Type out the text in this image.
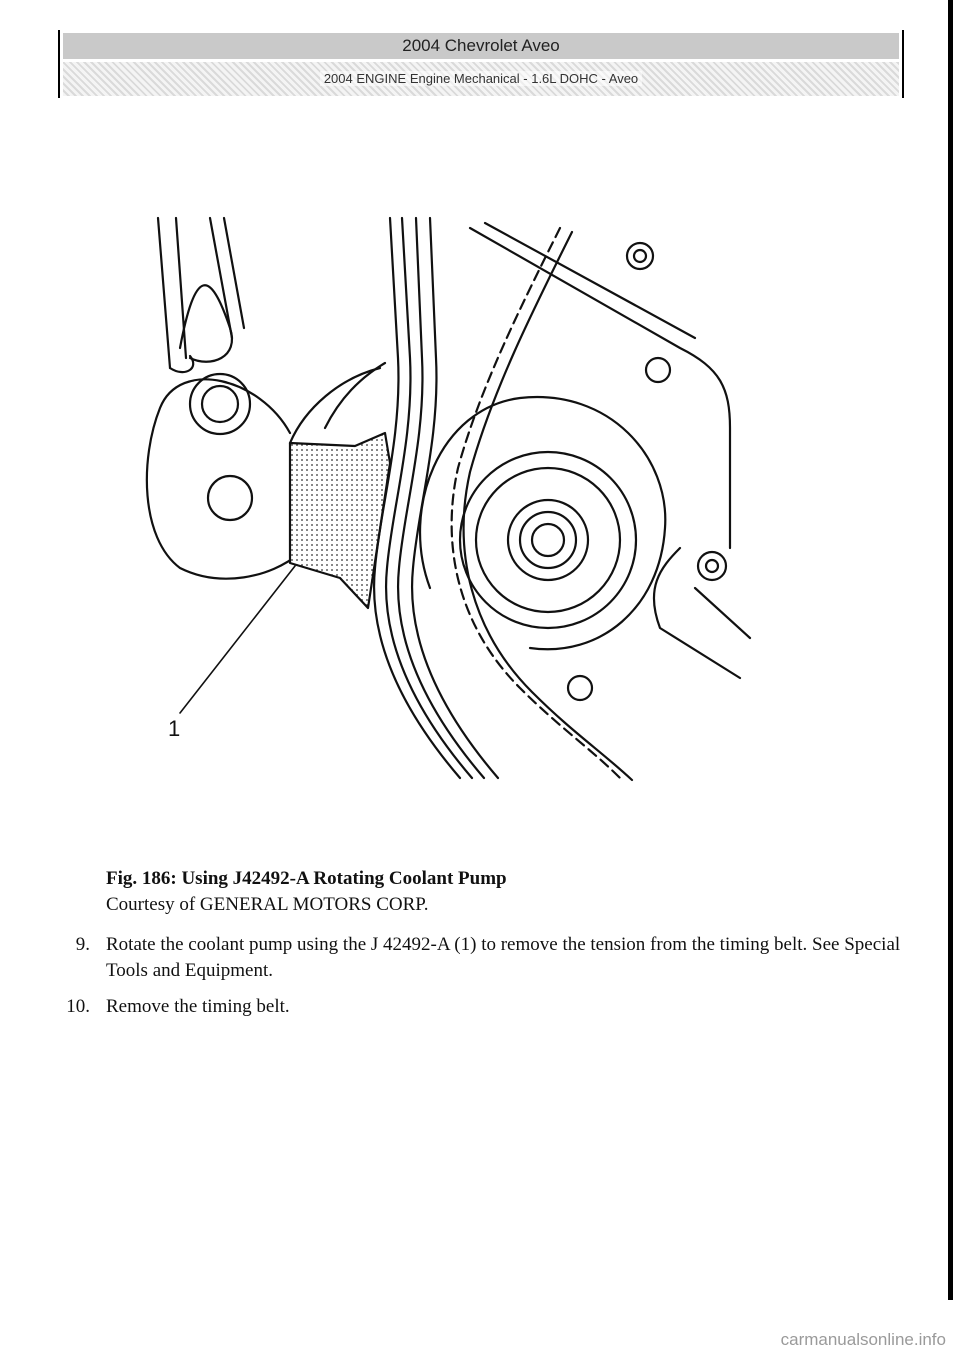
2004 Chevrolet Aveo
2004 ENGINE Engine Mechanical - 1.6L DOHC - Aveo
1
Fig. 186: Using J42492-A Rotating Coolant Pump
Courtesy of GENERAL MOTORS CORP.
9. Rotate the coolant pump using the J 42492-A (1) to remove the tension from the timing belt. See Special Tools and Equipment.
10. Remove the timing belt.
carmanualsonline.info
